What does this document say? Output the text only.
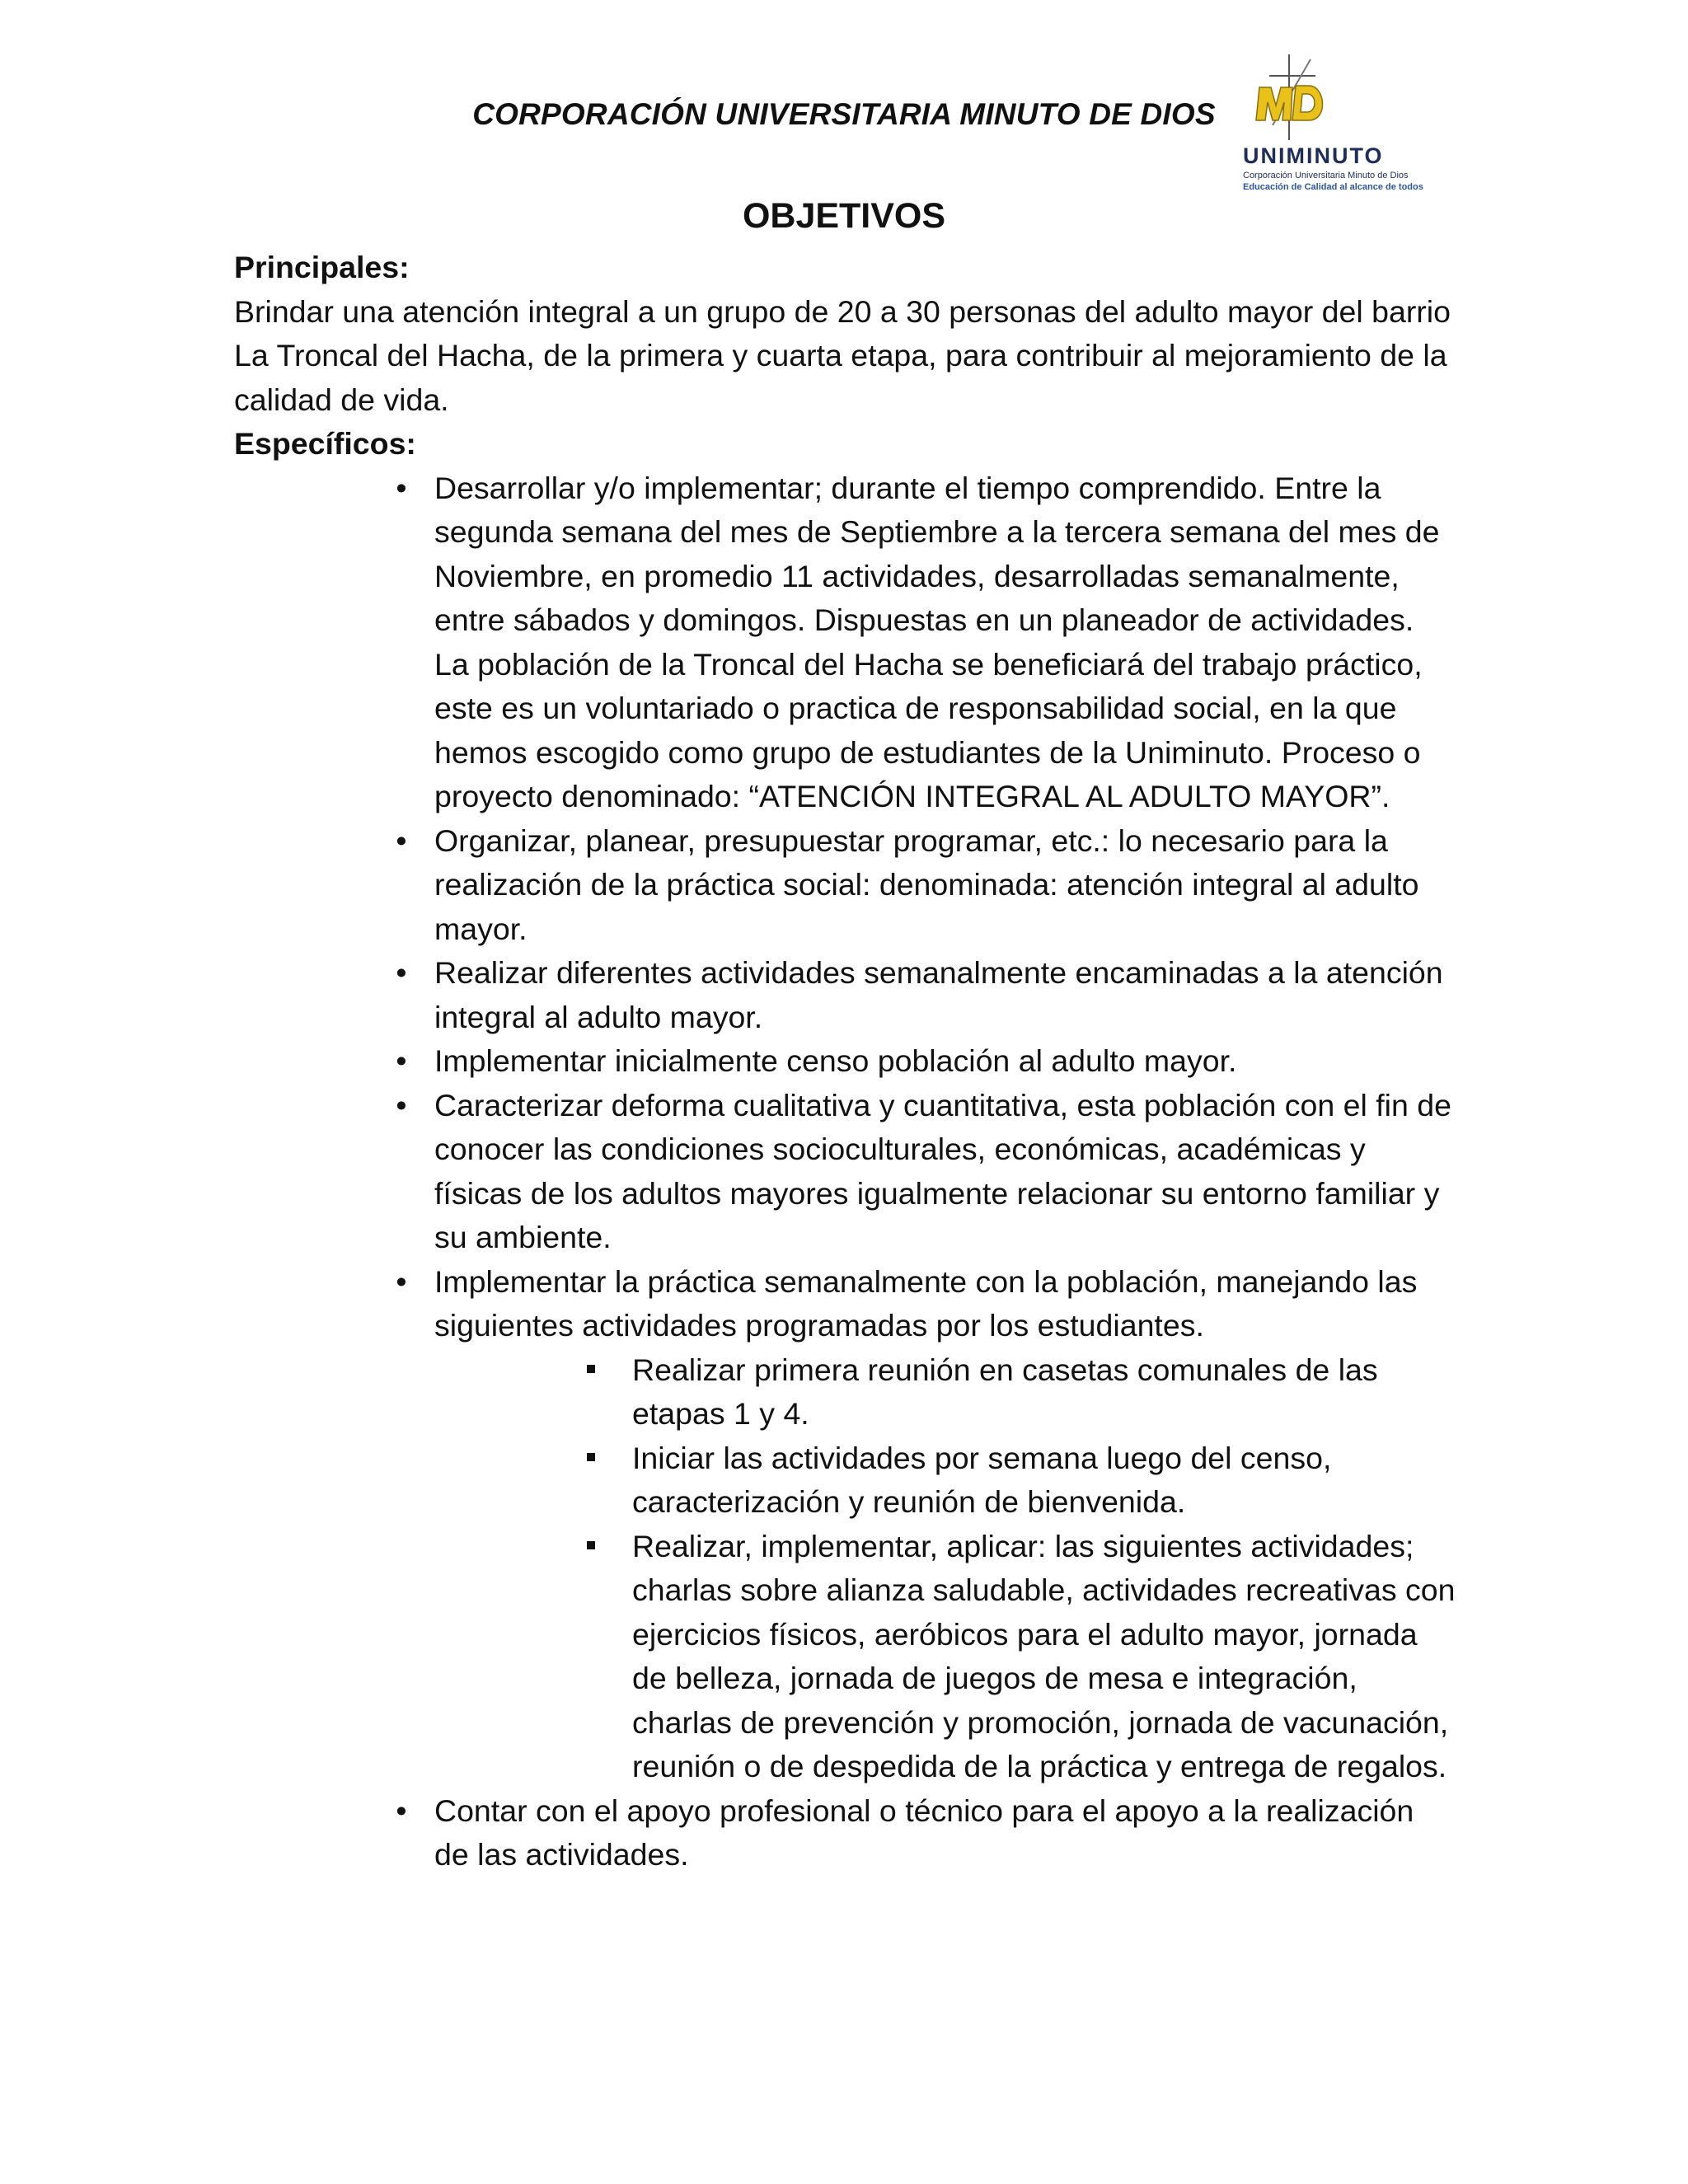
CORPORACIÓN UNIVERSITARIA MINUTO DE DIOS
UNIMINUTO
Corporación Universitaria Minuto de Dios
Educación de Calidad al alcance de todos
OBJETIVOS
Principales:

Brindar una atención integral a un grupo de 20 a 30 personas del adulto mayor del barrio La Troncal del Hacha, de la primera y cuarta etapa, para contribuir al mejoramiento de la calidad de vida.

Específicos:
• Desarrollar y/o implementar; durante el tiempo comprendido. Entre la segunda semana del mes de Septiembre a la tercera semana del mes de Noviembre, en promedio 11 actividades, desarrolladas semanalmente, entre sábados y domingos. Dispuestas en un planeador de actividades. La población de la Troncal del Hacha se beneficiará del trabajo práctico, este es un voluntariado o practica de responsabilidad social, en la que hemos escogido como grupo de estudiantes de la Uniminuto. Proceso o proyecto denominado: “ATENCIÓN INTEGRAL AL ADULTO MAYOR”.
• Organizar, planear, presupuestar programar, etc.: lo necesario para la realización de la práctica social: denominada: atención integral al adulto mayor.
• Realizar diferentes actividades semanalmente encaminadas a la atención integral al adulto mayor.
• Implementar inicialmente censo población al adulto mayor.
• Caracterizar deforma cualitativa y cuantitativa, esta población con el fin de conocer las condiciones socioculturales, económicas, académicas y físicas de los adultos mayores igualmente relacionar su entorno familiar y su ambiente.
• Implementar la práctica semanalmente con la población, manejando las siguientes actividades programadas por los estudiantes.
Realizar primera reunión en casetas comunales de las etapas 1 y 4.
Iniciar las actividades por semana luego del censo, caracterización y reunión de bienvenida.
Realizar, implementar, aplicar: las siguientes actividades; charlas sobre alianza saludable, actividades recreativas con ejercicios físicos, aeróbicos para el adulto mayor, jornada de belleza, jornada de juegos de mesa e integración, charlas de prevención y promoción, jornada de vacunación, reunión o de despedida de la práctica y entrega de regalos.
• Contar con el apoyo profesional o técnico para el apoyo a la realización de las actividades.
